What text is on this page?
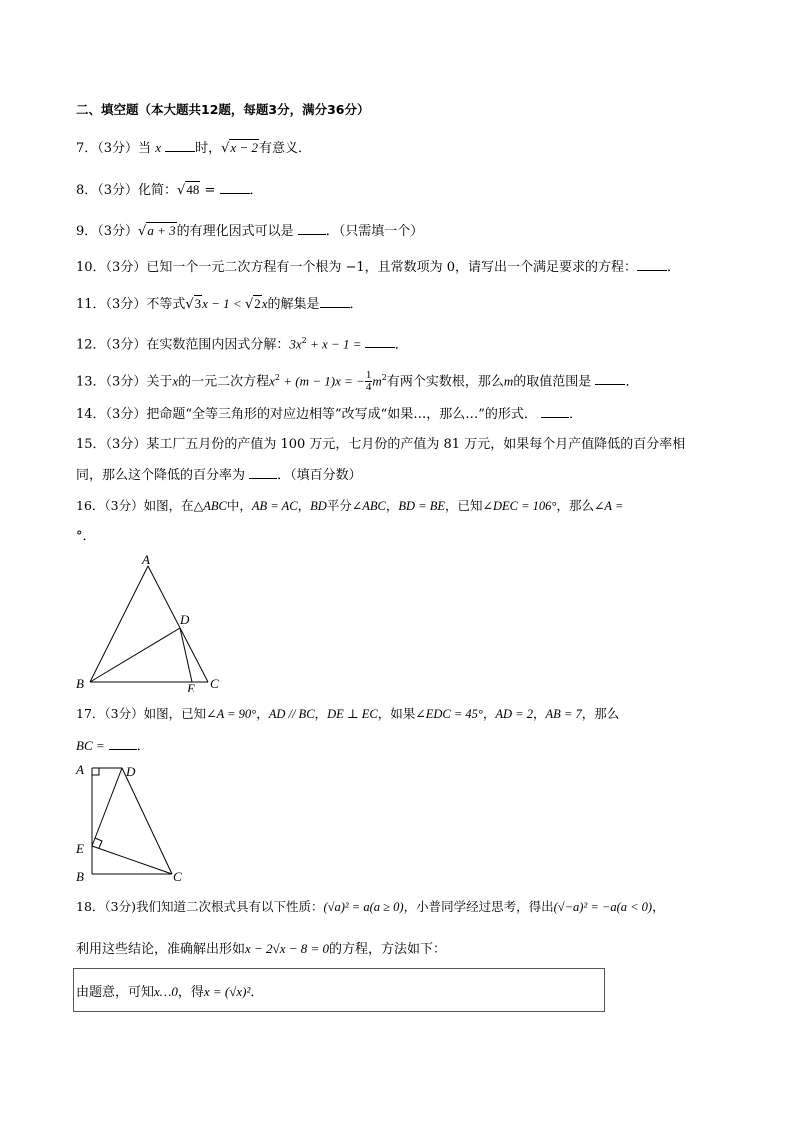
二、填空题（本大题共12题，每题3分，满分36分）
7．（3分）当 x	时，√x − 2有意义．
8．（3分）化简：√48 = ．
9．（3分）√a + 3的有理化因式可以是 ．（只需填一个）
10．（3分）已知一个一元二次方程有一个根为 −1，且常数项为 0，请写出一个满足要求的方程： ．
11．（3分）不等式√3x − 1 < √2x的解集是 ．
12．（3分）在实数范围内因式分解：$3x^2 + x - 1$ = ．
13．（3分）关于x的一元二次方程$x^2 + (m - 1)x$ = − $\frac{1}{4} m^2$有两个实数根，那么m的取值范围是	．
14．（3分）把命题“全等三角形的对应边相等”改写成“如果…，那么…”的形式． ．
15．（3分）某工厂五月份的产值为 100 万元，七月份的产值为 81 万元，如果每个月产值降低的百分率相
同，那么这个降低的百分率为 ．（填百分数）
16．（3分）如图，在△ABC中，AB = AC，BD平分∠ABC，BD = BE，已知∠DEC = 106°，那么∠A =
°．
A
B	C
D
E
17．（3分）如图，已知∠A = 90°，AD // BC，DE ⊥ EC，如果∠EDC = 45°，AD = 2，AB = 7，那么
BC = ．
A	D
E
B	C
18．（3分)我们知道二次根式具有以下性质：(√a)² = a(a ≥ 0)，小普同学经过思考，得出(√−a)² = −a(a < 0)，
利用这些结论，准确解出形如x − 2√x − 8 = 0的方程，方法如下：
由题意，可知x…0，得x = (√x)²．
